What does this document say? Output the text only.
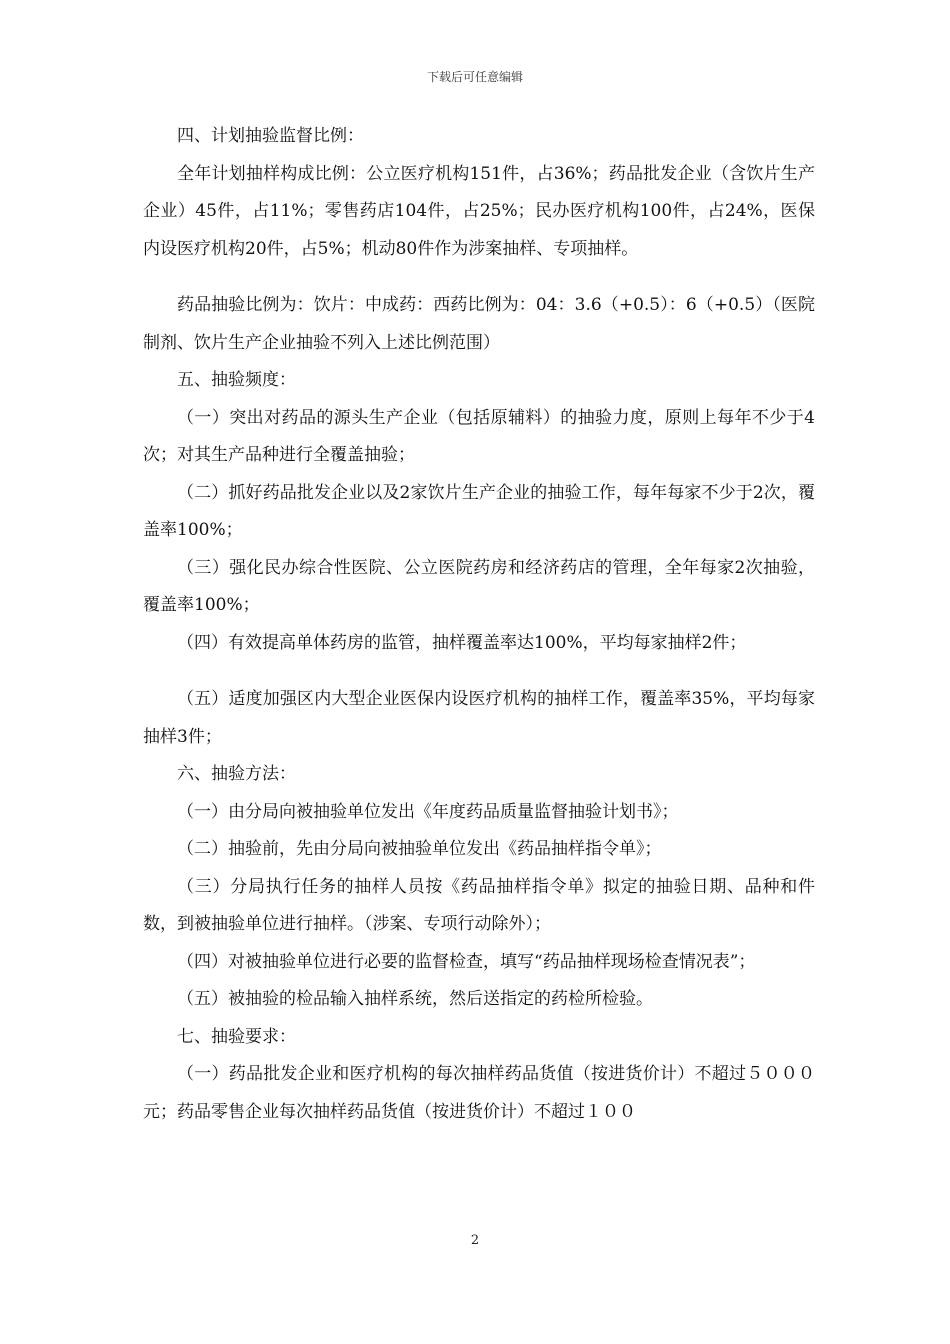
下载后可任意编辑

四、计划抽验监督比例：

全年计划抽样构成比例：公立医疗机构151件，占36%；药品批发企业（含饮片生产企业）45件，占11%；零售药店104件，占25%；民办医疗机构100件，占24%，医保内设医疗机构20件，占5%；机动80件作为涉案抽样、专项抽样。

药品抽验比例为：饮片：中成药：西药比例为：04：3.6（+0.5）：6（+0.5）（医院制剂、饮片生产企业抽验不列入上述比例范围）

五、抽验频度：

（一）突出对药品的源头生产企业（包括原辅料）的抽验力度，原则上每年不少于4次；对其生产品种进行全覆盖抽验；

（二）抓好药品批发企业以及2家饮片生产企业的抽验工作，每年每家不少于2次，覆盖率100%；

（三）强化民办综合性医院、公立医院药房和经济药店的管理，全年每家2次抽验，覆盖率100%；

（四）有效提高单体药房的监管，抽样覆盖率达100%，平均每家抽样2件；

（五）适度加强区内大型企业医保内设医疗机构的抽样工作，覆盖率35%，平均每家抽样3件；

六、抽验方法：

（一）由分局向被抽验单位发出《年度药品质量监督抽验计划书》；

（二）抽验前，先由分局向被抽验单位发出《药品抽样指令单》；

（三）分局执行任务的抽样人员按《药品抽样指令单》拟定的抽验日期、品种和件数，到被抽验单位进行抽样。（涉案、专项行动除外）；

（四）对被抽验单位进行必要的监督检查，填写“药品抽样现场检查情况表”；

（五）被抽验的检品输入抽样系统，然后送指定的药检所检验。

七、抽验要求：

（一）药品批发企业和医疗机构的每次抽样药品货值（按进货价计）不超过５０００元；药品零售企业每次抽样药品货值（按进货价计）不超过１００

2
